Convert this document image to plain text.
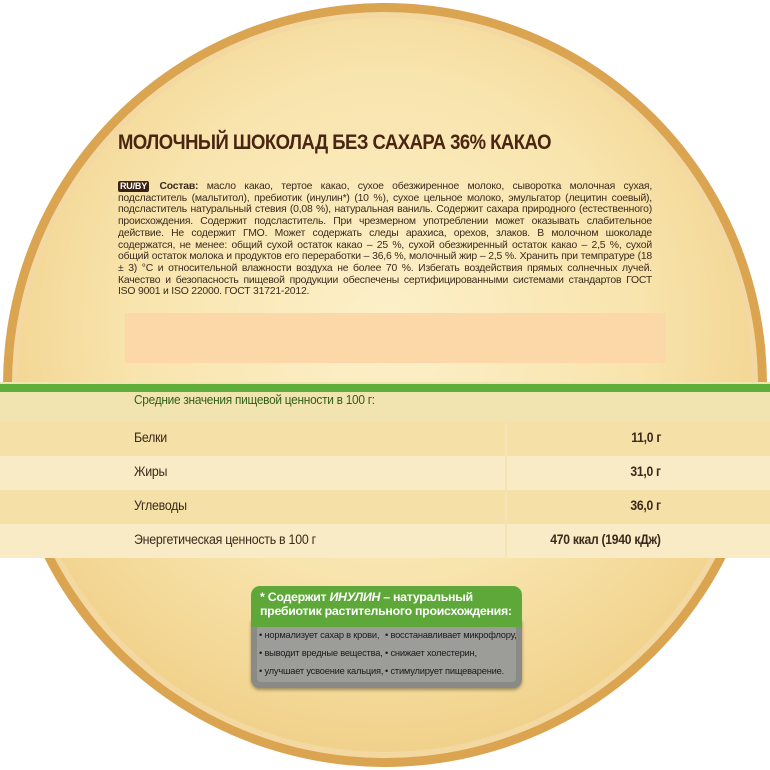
МОЛОЧНЫЙ ШОКОЛАД БЕЗ САХАРА 36% КАКАО

RU/BY Состав: масло какао, тертое какао, сухое обезжиренное молоко, сыворотка молочная сухая, подсластитель (мальтитол), пребиотик (инулин*) (10 %), сухое цельное молоко, эмульгатор (лецитин соевый), подсластитель натуральный стевия (0,08 %), натуральная ваниль. Содержит сахара природного (естественного) происхождения. Содержит подсластитель. При чрезмерном употреблении может оказывать слабительное действие. Не содержит ГМО. Может содержать следы арахиса, орехов, злаков. В молочном шоколаде содержатся, не менее: общий сухой остаток какао – 25 %, сухой обезжиренный остаток какао – 2,5 %, сухой общий остаток молока и продуктов его переработки – 36,6 %, молочный жир – 2,5 %. Хранить при темпратуре (18 ± 3) °С и относительной влажности воздуха не более 70 %. Избегать воздействия прямых солнечных лучей. Качество и безопасность пищевой продукции обеспечены сертифицированными системами стандартов ГОСТ ISO 9001 и ISO 22000. ГОСТ 31721-2012.

Средние значения пищевой ценности в 100 г:

Белки	11,0 г
Жиры	31,0 г
Углеводы	36,0 г
Энергетическая ценность в 100 г	470 ккал (1940 кДж)
• нормализует сахар в крови, • восстанавливает микрофлору,
• выводит вредные вещества, • снижает холестерин,
• улучшает усвоение кальция, • стимулирует пищеварение.

* Содержит ИНУЛИН – натуральный пребиотик растительного происхождения:
